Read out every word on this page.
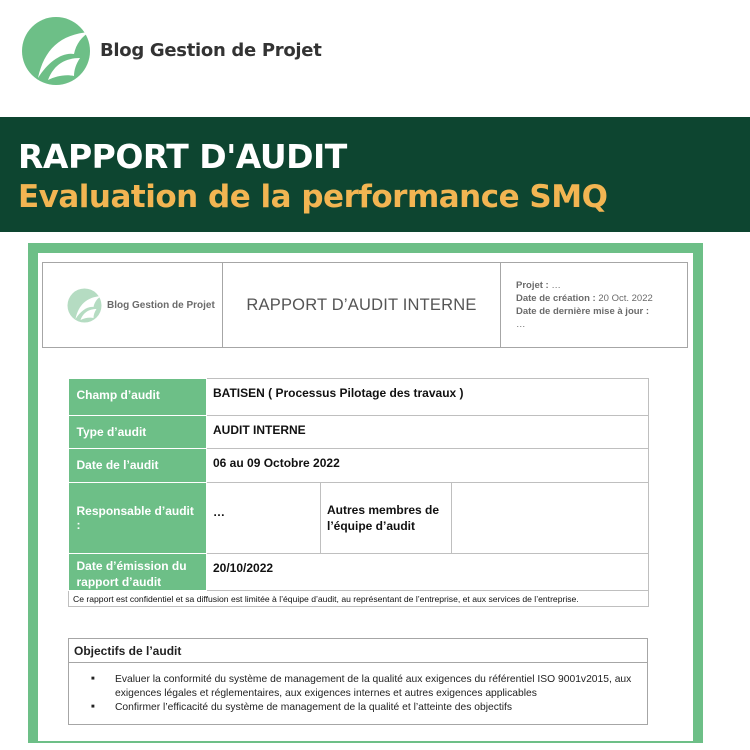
Blog Gestion de Projet
RAPPORT D'AUDIT
Evaluation de la performance SMQ
Blog Gestion de Projet	RAPPORT D’AUDIT INTERNE
Projet : …
Date de création : 20 Oct. 2022
Date de dernière mise à jour :
…
Champ d’audit	BATISEN ( Processus Pilotage des travaux )		
Type d’audit	AUDIT INTERNE		
Date de l’audit	06 au 09 Octobre 2022		
Responsable d’audit :	…	Autres membres de l’équipe d’audit	
Date d’émission du rapport d’audit	20/10/2022		
Ce rapport est confidentiel et sa diffusion est limitée à l’équipe d’audit, au représentant de l’entreprise, et aux services de l’entreprise.			
Objectifs de l’audit
■ Evaluer la conformité du système de management de la qualité aux exigences du référentiel ISO 9001v2015, aux exigences légales et réglementaires, aux exigences internes et autres exigences applicables
■ Confirmer l’efficacité du système de management de la qualité et l’atteinte des objectifs
